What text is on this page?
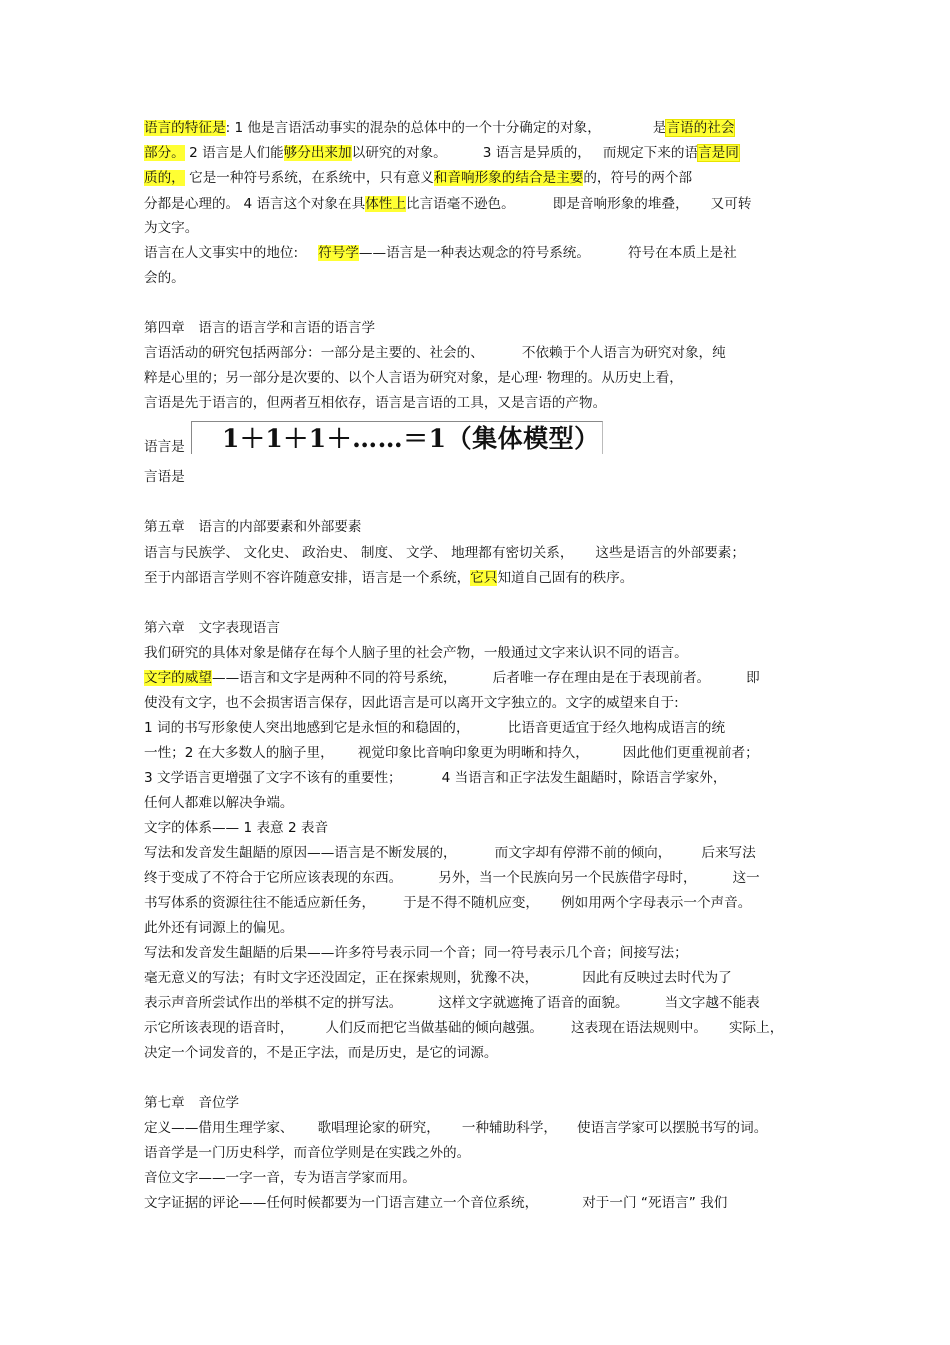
语言的特征是: 1 他是言语活动事实的混杂的总体中的一个十分确定的对象，	是言语的社会
部分。 2 语言是人们能够分出来加以研究的对象。	3 语言是异质的， 而规定下来的语言是同
质的， 它是一种符号系统，在系统中，只有意义和音响形象的结合是主要的，符号的两个部
分都是心理的。 4 语言这个对象在具体性上比言语毫不逊色。	即是音响形象的堆叠， 又可转
为文字。
语言在人文事实中的地位: 符号学——语言是一种表达观念的符号系统。	符号在本质上是社
会的。
第四章　语言的语言学和言语的语言学
言语活动的研究包括两部分：一部分是主要的、社会的、	不依赖于个人语言为研究对象，纯
粹是心里的；另一部分是次要的、以个人言语为研究对象，是心理· 物理的。从历史上看，
言语是先于语言的，但两者互相依存，语言是言语的工具，又是言语的产物。
语言是	1＋1＋1＋……＝1（集体模型）
言语是
第五章　语言的内部要素和外部要素
语言与民族学、 文化史、 政治史、 制度、 文学、 地理都有密切关系， 这些是语言的外部要素；
至于内部语言学则不容许随意安排，语言是一个系统，它只知道自己固有的秩序。
第六章　文字表现语言
我们研究的具体对象是储存在每个人脑子里的社会产物，一般通过文字来认识不同的语言。
文字的威望——语言和文字是两种不同的符号系统，	后者唯一存在理由是在于表现前者。	即
使没有文字，也不会损害语言保存，因此语言是可以离开文字独立的。文字的威望来自于:
1 词的书写形象使人突出地感到它是永恒的和稳固的，	比语音更适宜于经久地构成语言的统
一性；2 在大多数人的脑子里， 视觉印象比音响印象更为明晰和持久，	因此他们更重视前者；
3 文学语言更增强了文字不该有的重要性；	4 当语言和正字法发生龃龉时，除语言学家外，
任何人都难以解决争端。
文字的体系—— 1 表意 2 表音
写法和发音发生龃龉的原因——语言是不断发展的，	而文字却有停滞不前的倾向， 后来写法
终于变成了不符合于它所应该表现的东西。	另外，当一个民族向另一个民族借字母时，	这一
书写体系的资源往往不能适应新任务， 于是不得不随机应变， 例如用两个字母表示一个声音。
此外还有词源上的偏见。
写法和发音发生龃龉的后果——许多符号表示同一个音；同一符号表示几个音；间接写法；
毫无意义的写法；有时文字还没固定，正在探索规则，犹豫不决，	因此有反映过去时代为了
表示声音所尝试作出的举棋不定的拼写法。	这样文字就遮掩了语音的面貌。	当文字越不能表
示它所该表现的语音时， 人们反而把它当做基础的倾向越强。 这表现在语法规则中。 实际上，
决定一个词发音的，不是正字法，而是历史，是它的词源。
第七章　音位学
定义——借用生理学家、 歌唱理论家的研究， 一种辅助科学， 使语言学家可以摆脱书写的词。
语音学是一门历史科学，而音位学则是在实践之外的。
音位文字——一字一音，专为语言学家而用。
文字证据的评论——任何时候都要为一门语言建立一个音位系统，	对于一门 “死语言” 我们
